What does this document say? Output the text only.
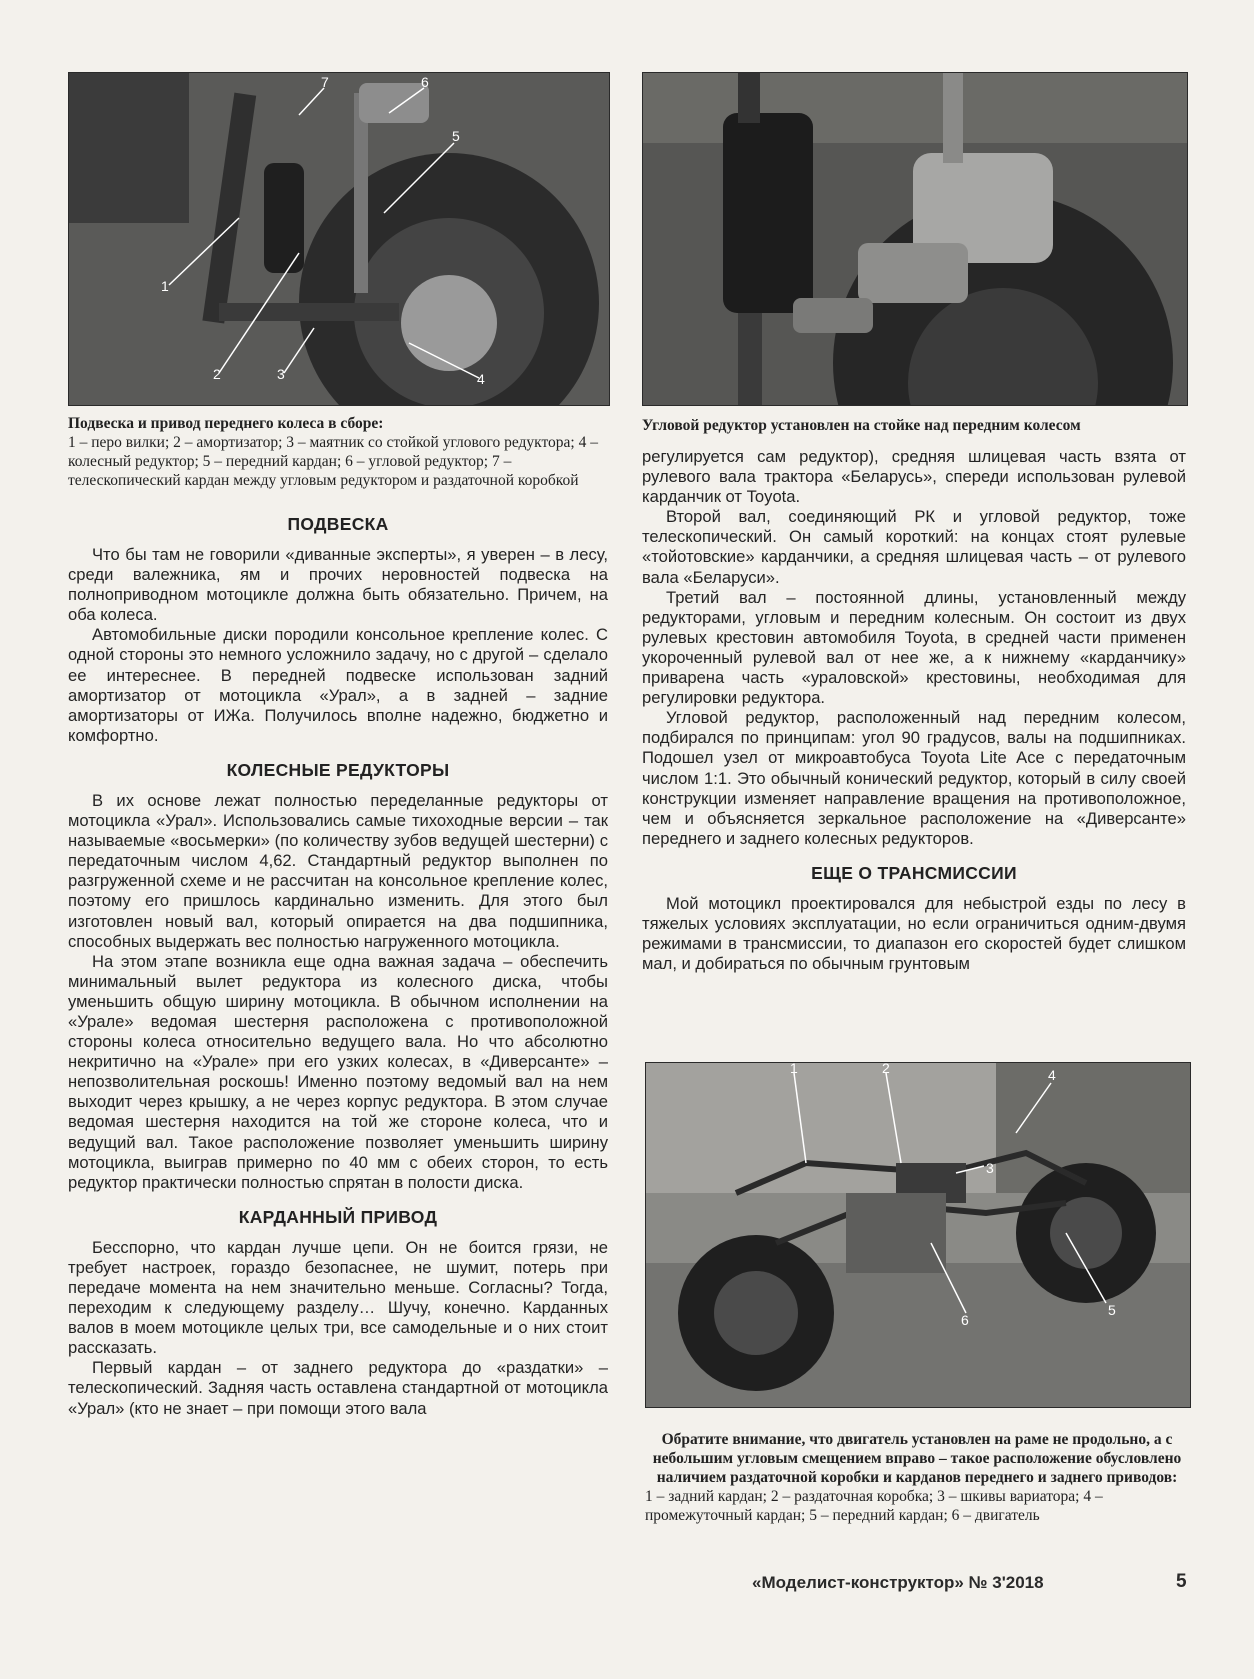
7	6
5
1
2	3	4
Подвеска и привод переднего колеса в сборе:
1 – перо вилки; 2 – амортизатор; 3 – маятник со стойкой углового редуктора; 4 – колесный редуктор; 5 – передний кардан; 6 – угловой редуктор; 7 – телескопический кардан между угловым редуктором и раздаточной коробкой
ПОДВЕСКА

Что бы там не говорили «диванные эксперты», я уверен – в лесу, среди валежника, ям и прочих неровностей подвеска на полноприводном мотоцикле должна быть обязательно. Причем, на оба колеса.

Автомобильные диски породили консольное крепление колес. С одной стороны это немного усложнило задачу, но с другой – сделало ее интереснее. В передней подвеске использован задний амортизатор от мотоцикла «Урал», а в задней – задние амортизаторы от ИЖа. Получилось вполне надежно, бюджетно и комфортно.

КОЛЕСНЫЕ РЕДУКТОРЫ

В их основе лежат полностью переделанные редукторы от мотоцикла «Урал». Использовались самые тихоходные версии – так называемые «восьмерки» (по количеству зубов ведущей шестерни) с передаточным числом 4,62. Стандартный редуктор выполнен по разгруженной схеме и не рассчитан на консольное крепление колес, поэтому его пришлось кардинально изменить. Для этого был изготовлен новый вал, который опирается на два подшипника, способных выдержать вес полностью нагруженного мотоцикла.

На этом этапе возникла еще одна важная задача – обеспечить минимальный вылет редуктора из колесного диска, чтобы уменьшить общую ширину мотоцикла. В обычном исполнении на «Урале» ведомая шестерня расположена с противоположной стороны колеса относительно ведущего вала. Но что абсолютно некритично на «Урале» при его узких колесах, в «Диверсанте» – непозволительная роскошь! Именно поэтому ведомый вал на нем выходит через крышку, а не через корпус редуктора. В этом случае ведомая шестерня находится на той же стороне колеса, что и ведущий вал. Такое расположение позволяет уменьшить ширину мотоцикла, выиграв примерно по 40 мм с обеих сторон, то есть редуктор практически полностью спрятан в полости диска.

КАРДАННЫЙ ПРИВОД

Бесспорно, что кардан лучше цепи. Он не боится грязи, не требует настроек, гораздо безопаснее, не шумит, потерь при передаче момента на нем значительно меньше. Согласны? Тогда, переходим к следующему разделу… Шучу, конечно. Карданных валов в моем мотоцикле целых три, все самодельные и о них стоит рассказать.

Первый кардан – от заднего редуктора до «раздатки» – телескопический. Задняя часть оставлена стандартной от мотоцикла «Урал» (кто не знает – при помощи этого вала

Угловой редуктор установлен на стойке над передним колесом

регулируется сам редуктор), средняя шлицевая часть взята от рулевого вала трактора «Беларусь», спереди использован рулевой карданчик от Toyota.

Второй вал, соединяющий РК и угловой редуктор, тоже телескопический. Он самый короткий: на концах стоят рулевые «тойотовские» карданчики, а средняя шлицевая часть – от рулевого вала «Беларуси».

Третий вал – постоянной длины, установленный между редукторами, угловым и передним колесным. Он состоит из двух рулевых крестовин автомобиля Toyota, в средней части применен укороченный рулевой вал от нее же, а к нижнему «карданчику» приварена часть «ураловской» крестовины, необходимая для регулировки редуктора.

Угловой редуктор, расположенный над передним колесом, подбирался по принципам: угол 90 градусов, валы на подшипниках. Подошел узел от микроавтобуса Toyota Lite Ace с передаточным числом 1:1. Это обычный конический редуктор, который в силу своей конструкции изменяет направление вращения на противоположное, чем и объясняется зеркальное расположение на «Диверсанте» переднего и заднего колесных редукторов.

ЕЩЕ О ТРАНСМИССИИ

Мой мотоцикл проектировался для небыстрой езды по лесу в тяжелых условиях эксплуатации, но если ограничиться одним-двумя режимами в трансмиссии, то диапазон его скоростей будет слишком мал, и добираться по обычным грунтовым

1	2
3
4
5
6
Обратите внимание, что двигатель установлен на раме не продольно, а с небольшим угловым смещением вправо – такое расположение обусловлено наличием раздаточной коробки и карданов переднего и заднего приводов:
1 – задний кардан; 2 – раздаточная коробка; 3 – шкивы вариатора; 4 – промежуточный кардан; 5 – передний кардан; 6 – двигатель
«Моделист-конструктор» № 3'2018	5
